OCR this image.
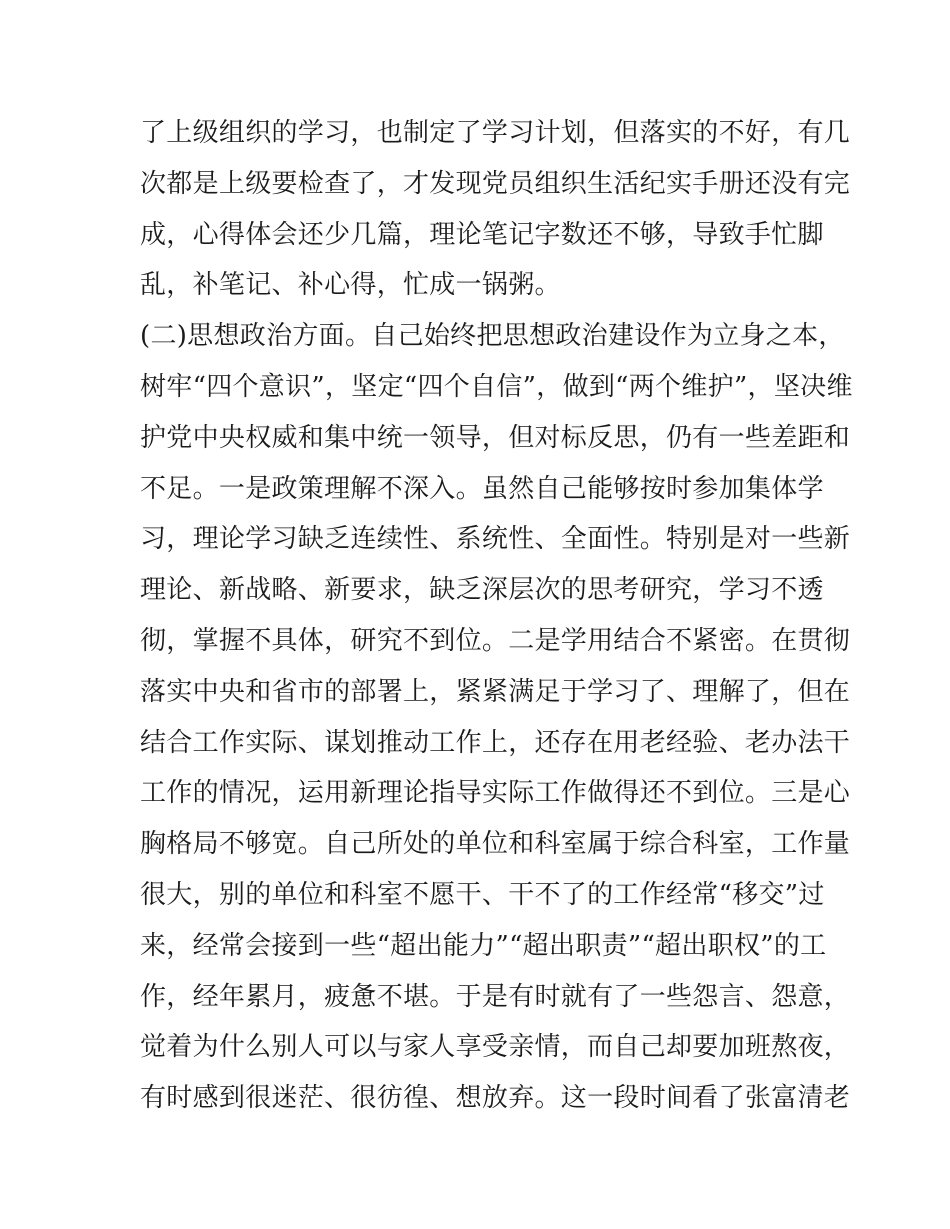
了上级组织的学习，也制定了学习计划，但落实的不好，有几
次都是上级要检查了，才发现党员组织生活纪实手册还没有完
成，心得体会还少几篇，理论笔记字数还不够，导致手忙脚
乱，补笔记、补心得，忙成一锅粥。
(二)思想政治方面。自己始终把思想政治建设作为立身之本，
树牢“四个意识”，坚定“四个自信”，做到“两个维护”，坚决维
护党中央权威和集中统一领导，但对标反思，仍有一些差距和
不足。一是政策理解不深入。虽然自己能够按时参加集体学
习，理论学习缺乏连续性、系统性、全面性。特别是对一些新
理论、新战略、新要求，缺乏深层次的思考研究，学习不透
彻，掌握不具体，研究不到位。二是学用结合不紧密。在贯彻
落实中央和省市的部署上，紧紧满足于学习了、理解了，但在
结合工作实际、谋划推动工作上，还存在用老经验、老办法干
工作的情况，运用新理论指导实际工作做得还不到位。三是心
胸格局不够宽。自己所处的单位和科室属于综合科室，工作量
很大，别的单位和科室不愿干、干不了的工作经常“移交”过
来，经常会接到一些“超出能力”“超出职责”“超出职权”的工
作，经年累月，疲惫不堪。于是有时就有了一些怨言、怨意，
觉着为什么别人可以与家人享受亲情，而自己却要加班熬夜，
有时感到很迷茫、很彷徨、想放弃。这一段时间看了张富清老
